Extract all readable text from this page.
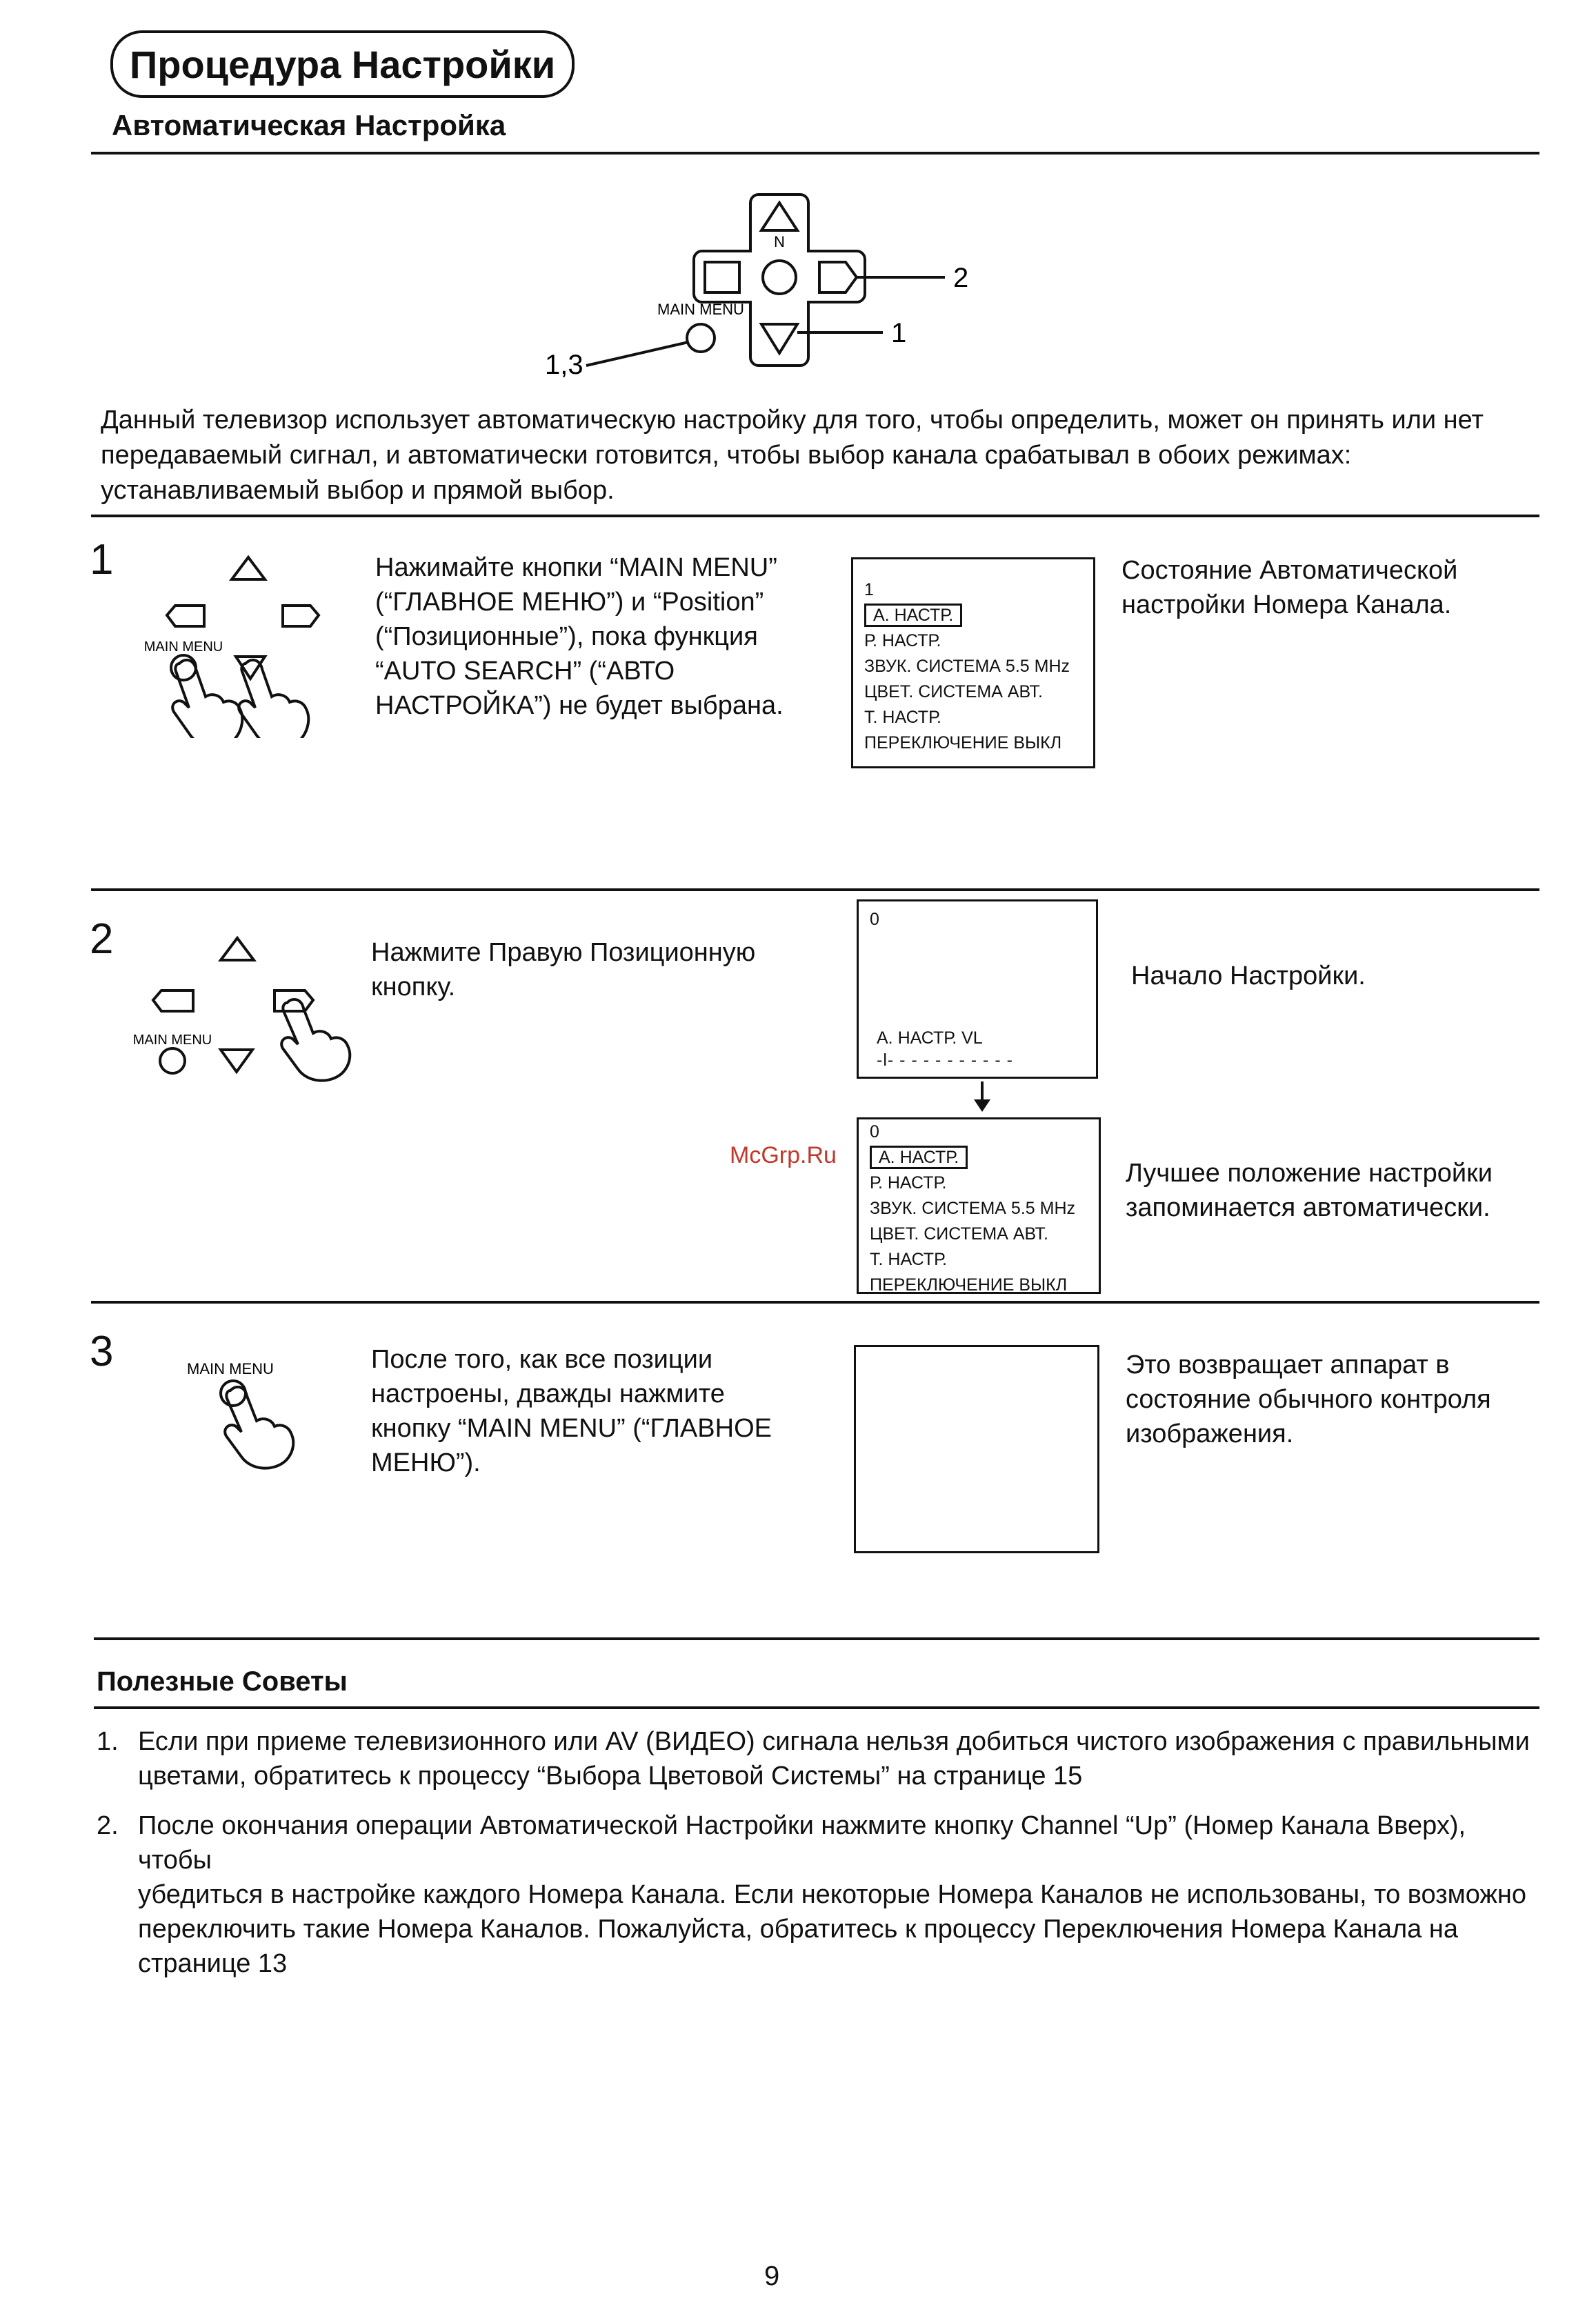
Процедура Настройки
Автоматическая Настройка
N
MAIN MENU
2
1
1,3
Данный телевизор использует автоматическую настройку для того, чтобы определить, может он принять или нет передаваемый сигнал, и автоматически готовится, чтобы выбор канала срабатывал в обоих режимах: устанавливаемый выбор и прямой выбор.
1
MAIN MENU
Нажимайте кнопки “MAIN MENU”
(“ГЛАВНОЕ МЕНЮ”) и “Position”
(“Позиционные”), пока функция
“AUTO SEARCH” (“АВТО
НАСТРОЙКА”) не будет выбрана.
1
А. НАСТР.
Р. НАСТР.
ЗВУК. СИСТЕМА 5.5 MHz
ЦВЕТ. СИСТЕМА АВТ.
Т. НАСТР.
ПЕРЕКЛЮЧЕНИЕ ВЫКЛ
Состояние Автоматической
настройки Номера Канала.
2
MAIN MENU
Нажмите Правую Позиционную
кнопку.
0
А. НАСТР. VL
-l- - - - - - - - - - -
Начало Настройки.
0
А. НАСТР.
Р. НАСТР.
ЗВУК. СИСТЕМА 5.5 MHz
ЦВЕТ. СИСТЕМА АВТ.
Т. НАСТР.
ПЕРЕКЛЮЧЕНИЕ ВЫКЛ
McGrp.Ru
Лучшее положение настройки
запоминается автоматически.
3	MAIN MENU	После того, как все позиции
настроены, дважды нажмите
кнопку “MAIN MENU” (“ГЛАВНОЕ
МЕНЮ”).
Это возвращает аппарат в
состояние обычного контроля
изображения.
Полезные Советы
1. Если при приеме телевизионного или AV (ВИДЕО) сигнала нельзя добиться чистого изображения с правильными
цветами, обратитесь к процессу “Выбора Цветовой Системы” на странице 15
2. После окончания операции Автоматической Настройки нажмите кнопку Channel “Up” (Номер Канала Вверх), чтобы
убедиться в настройке каждого Номера Канала. Если некоторые Номера Каналов не использованы, то возможно
переключить такие Номера Каналов. Пожалуйста, обратитесь к процессу Переключения Номера Канала на
странице 13
9
